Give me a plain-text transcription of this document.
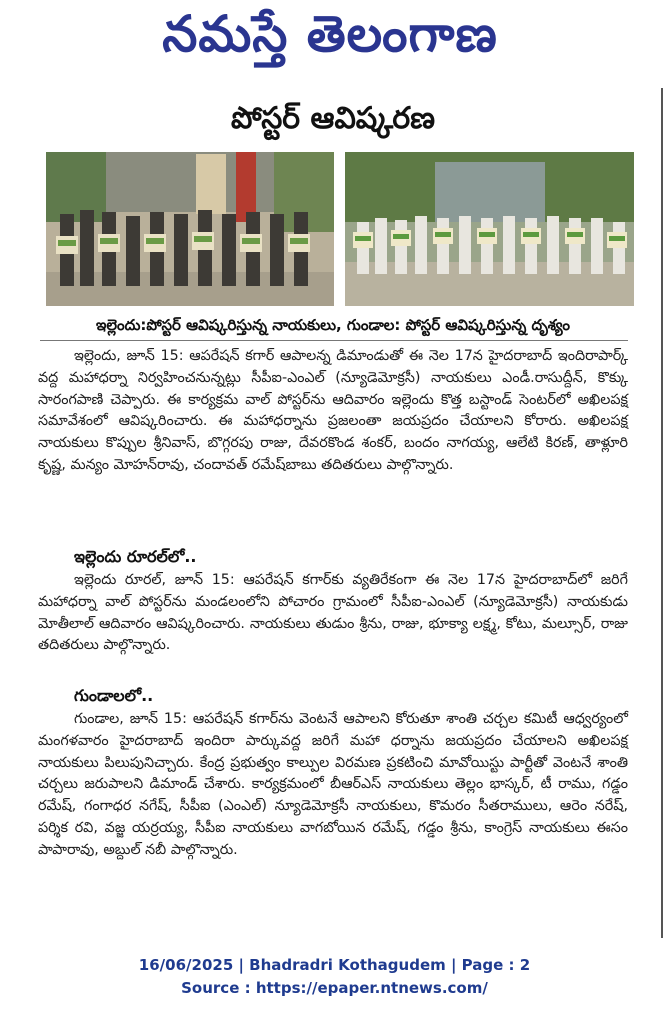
నమస్తే తెలంగాణ
పోస్టర్ ఆవిష్కరణ
ఇల్లెందు:పోస్టర్ ఆవిష్కరిస్తున్న నాయకులు, గుండాల: పోస్టర్ ఆవిష్కరిస్తున్న దృశ్యం
ఇల్లెందు, జూన్ 15: ఆపరేషన్ కగార్ ఆపాలన్న డిమాండుతో ఈ నెల 17న హైదరాబాద్ ఇందిరాపార్క్ వద్ద మహాధర్నా నిర్వహించనున్నట్లు సీపీఐ-ఎంఎల్ (న్యూడెమోక్రసీ) నాయకులు ఎండీ.రాసుద్దీన్, కొక్కు సారంగపాణి చెప్పారు. ఈ కార్యక్రమ వాల్ పోస్టర్‌ను ఆదివారం ఇల్లెందు కొత్త బస్టాండ్ సెంటర్‌లో అఖిలపక్ష సమావేశంలో ఆవిష్కరించారు. ఈ మహాధర్నాను ప్రజలంతా జయప్రదం చేయాలని కోరారు. అఖిలపక్ష నాయకులు కొప్పుల శ్రీనివాస్, బొగ్గరపు రాజు, దేవరకొండ శంకర్, బందం నాగయ్య, ఆలేటి కిరణ్, తాళ్లూరి కృష్ణ, మన్యం మోహన్‌రావు, చందావత్ రమేష్‌బాబు తదితరులు పాల్గొన్నారు.
ఇల్లెందు రూరల్‌లో..
ఇల్లెందు రూరల్, జూన్ 15: ఆపరేషన్ కగార్‌కు వ్యతిరేకంగా ఈ నెల 17న హైదరాబాద్‌లో జరిగే మహాధర్నా వాల్ పోస్టర్‌ను మండలంలోని పోచారం గ్రామంలో సీపీఐ-ఎంఎల్ (న్యూడెమోక్రసీ) నాయకుడు మోతీలాల్ ఆదివారం ఆవిష్కరించారు. నాయకులు తుడుం శ్రీను, రాజు, భూక్యా లక్ష్మ, కోటు, మల్సూర్, రాజు తదితరులు పాల్గొన్నారు.
గుండాలలో..
గుండాల, జూన్ 15: ఆపరేషన్ కగార్‌ను వెంటనే ఆపాలని కోరుతూ శాంతి చర్చల కమిటీ ఆధ్వర్యంలో మంగళవారం హైదరాబాద్ ఇందిరా పార్కువద్ద జరిగే మహా ధర్నాను జయప్రదం చేయాలని అఖిలపక్ష నాయకులు పిలుపునిచ్చారు. కేంద్ర ప్రభుత్వం కాల్పుల విరమణ ప్రకటించి మావోయిస్టు పార్టీతో వెంటనే శాంతి చర్చలు జరుపాలని డిమాండ్ చేశారు. కార్యక్రమంలో బీఆర్ఎస్ నాయకులు తెల్లం భాస్కర్, టీ రాము, గడ్డం రమేష్, గంగాధర నగేష్, సీపీఐ (ఎంఎల్) న్యూడెమోక్రసీ నాయకులు, కొమరం సీతరాములు, ఆరెం నరేష్, పర్శిక రవి, వజ్జ యర్రయ్య, సీపీఐ నాయకులు వాగబోయిన రమేష్, గడ్డం శ్రీను, కాంగ్రెస్ నాయకులు ఈసం పాపారావు, అబ్దుల్ నబీ పాల్గొన్నారు.
16/06/2025 | Bhadradri Kothagudem | Page : 2
Source : https://epaper.ntnews.com/
